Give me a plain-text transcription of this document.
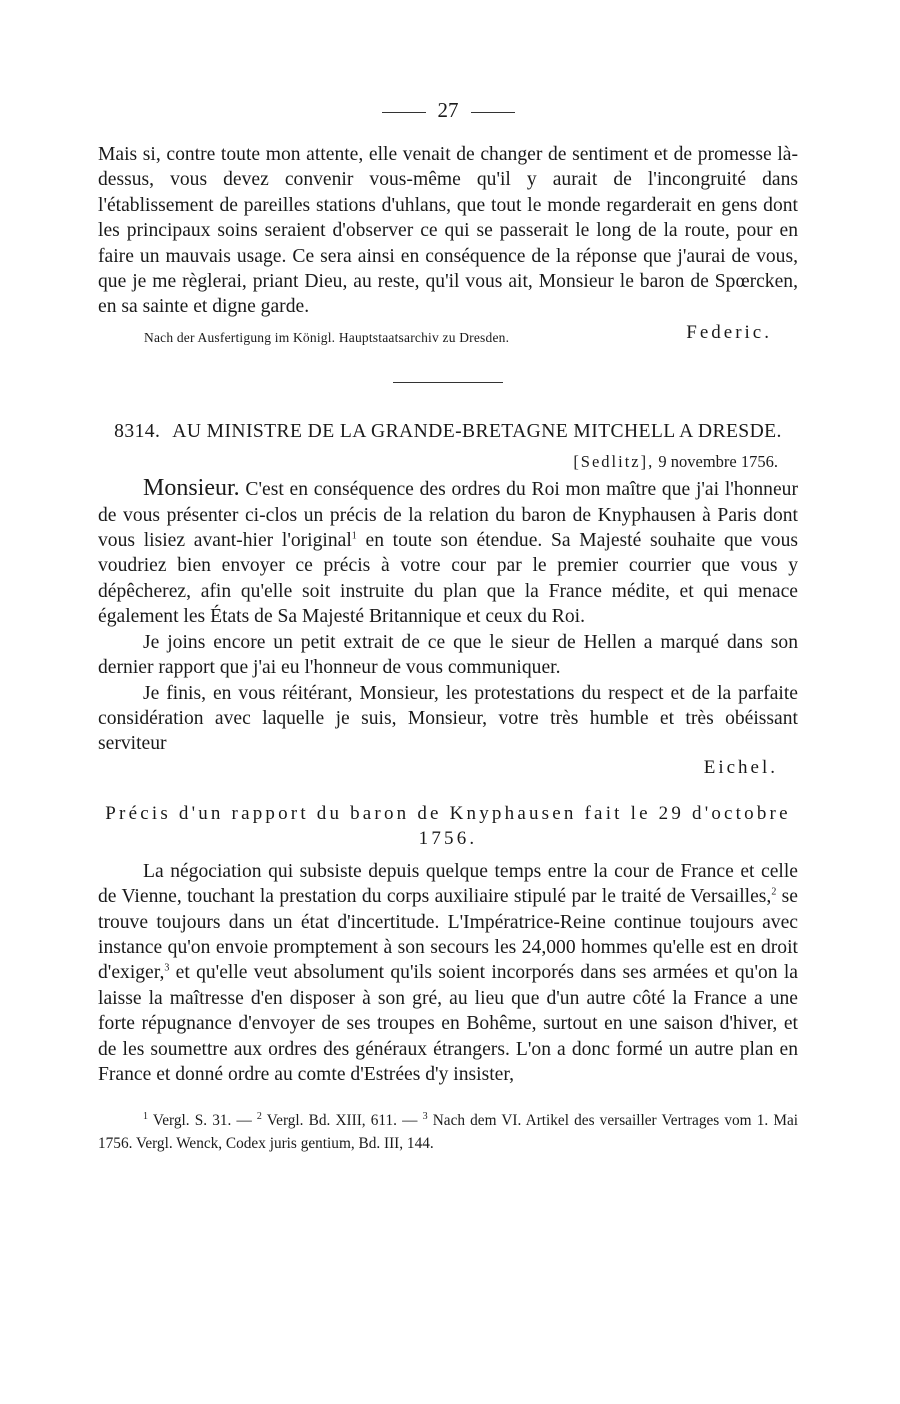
27

Mais si, contre toute mon attente, elle venait de changer de sentiment et de promesse là-dessus, vous devez convenir vous-même qu'il y aurait de l'incongruité dans l'établissement de pareilles stations d'uhlans, que tout le monde regarderait en gens dont les principaux soins seraient d'observer ce qui se passerait le long de la route, pour en faire un mauvais usage. Ce sera ainsi en conséquence de la réponse que j'aurai de vous, que je me règlerai, priant Dieu, au reste, qu'il vous ait, Monsieur le baron de Spœrcken, en sa sainte et digne garde.

Nach der Ausfertigung im Königl. Hauptstaatsarchiv zu Dresden.	Federic.

8314. AU MINISTRE DE LA GRANDE-BRETAGNE MITCHELL A DRESDE.

[Sedlitz], 9 novembre 1756.

Monsieur. C'est en conséquence des ordres du Roi mon maître que j'ai l'honneur de vous présenter ci-clos un précis de la relation du baron de Knyphausen à Paris dont vous lisiez avant-hier l'original$^1$ en toute son étendue. Sa Majesté souhaite que vous voudriez bien envoyer ce précis à votre cour par le premier courrier que vous y dépêcherez, afin qu'elle soit instruite du plan que la France médite, et qui menace également les États de Sa Majesté Britannique et ceux du Roi.

Je joins encore un petit extrait de ce que le sieur de Hellen a marqué dans son dernier rapport que j'ai eu l'honneur de vous communiquer.

Je finis, en vous réitérant, Monsieur, les protestations du respect et de la parfaite considération avec laquelle je suis, Monsieur, votre très humble et très obéissant serviteur

Eichel.

Précis d'un rapport du baron de Knyphausen fait le 29 d'octobre 1756.

La négociation qui subsiste depuis quelque temps entre la cour de France et celle de Vienne, touchant la prestation du corps auxiliaire stipulé par le traité de Versailles,$^2$ se trouve toujours dans un état d'incertitude. L'Impératrice-Reine continue toujours avec instance qu'on envoie promptement à son secours les 24,000 hommes qu'elle est en droit d'exiger,$^3$ et qu'elle veut absolument qu'ils soient incorporés dans ses armées et qu'on la laisse la maîtresse d'en disposer à son gré, au lieu que d'un autre côté la France a une forte répugnance d'envoyer de ses troupes en Bohême, surtout en une saison d'hiver, et de les soumettre aux ordres des généraux étrangers. L'on a donc formé un autre plan en France et donné ordre au comte d'Estrées d'y insister,

$^1$ Vergl. S. 31. — $^2$ Vergl. Bd. XIII, 611. — $^3$ Nach dem VI. Artikel des versailler Vertrages vom 1. Mai 1756. Vergl. Wenck, Codex juris gentium, Bd. III, 144.
